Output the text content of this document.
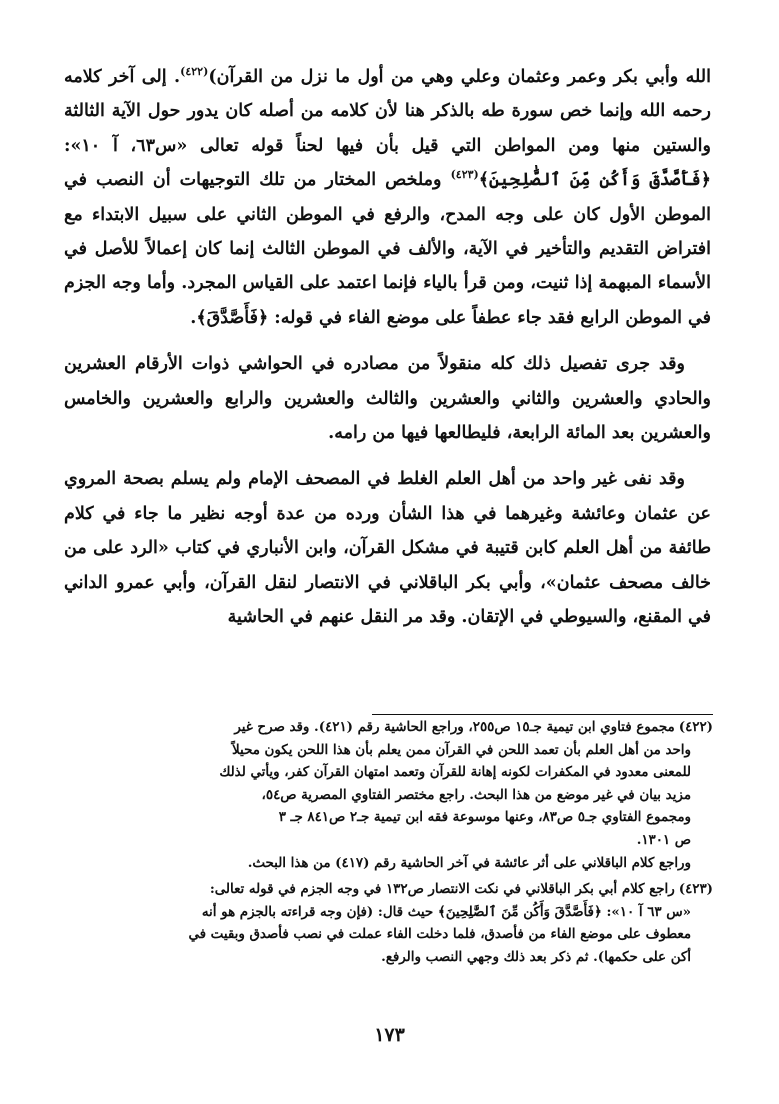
الله وأبي بكر وعمر وعثمان وعلي وهي من أول ما نزل من القرآن)$^{(٤٢٢)}$. إلى آخر كلامه رحمه الله وإنما خص سورة طه بالذكر هنا لأن كلامه من أصله كان يدور حول الآية الثالثة والستين منها ومن المواطن التي قيل بأن فيها لحناً قوله تعالى «س٦٣، آ ١٠»: ﴿فَأَصَّدَّقَ وَأَكُن مِّنَ ٱلصَّٰلِحِينَ﴾$^{(٤٢٣)}$ وملخص المختار من تلك التوجيهات أن النصب في الموطن الأول كان على وجه المدح، والرفع في الموطن الثاني على سبيل الابتداء مع افتراض التقديم والتأخير في الآية، والألف في الموطن الثالث إنما كان إعمالاً للأصل في الأسماء المبهمة إذا ثنيت، ومن قرأ بالياء فإنما اعتمد على القياس المجرد. وأما وجه الجزم في الموطن الرابع فقد جاء عطفاً على موضع الفاء في قوله: ﴿فَأَصَّدَّقَ﴾.

وقد جرى تفصيل ذلك كله منقولاً من مصادره في الحواشي ذوات الأرقام العشرين والحادي والعشرين والثاني والعشرين والثالث والعشرين والرابع والعشرين والخامس والعشرين بعد المائة الرابعة، فليطالعها فيها من رامه.

وقد نفى غير واحد من أهل العلم الغلط في المصحف الإمام ولم يسلم بصحة المروي عن عثمان وعائشة وغيرهما في هذا الشأن ورده من عدة أوجه نظير ما جاء في كلام طائفة من أهل العلم كابن قتيبة في مشكل القرآن، وابن الأنباري في كتاب «الرد على من خالف مصحف عثمان»، وأبي بكر الباقلاني في الانتصار لنقل القرآن، وأبي عمرو الداني في المقنع، والسيوطي في الإتقان. وقد مر النقل عنهم في الحاشية

(٤٢٢)مجموع فتاوي ابن تيمية جـ١٥ ص٢٥٥، وراجع الحاشية رقم (٤٢١). وقد صرح غير
واحد من أهل العلم بأن تعمد اللحن في القرآن ممن يعلم بأن هذا اللحن يكون محيلاً
للمعنى معدود في المكفرات لكونه إهانة للقرآن وتعمد امتهان القرآن كفر، ويأتي لذلك
مزيد بيان في غير موضع من هذا البحث. راجع مختصر الفتاوي المصرية ص٥٤،
ومجموع الفتاوي جـ٥ ص٨٣، وعنها موسوعة فقه ابن تيمية جـ٢ ص٨٤١ جـ ٣
ص ١٣٠١.
وراجع كلام الباقلاني على أثر عائشة في آخر الحاشية رقم (٤١٧) من هذا البحث.
(٤٢٣)راجع كلام أبي بكر الباقلاني في نكت الانتصار ص١٣٢ في وجه الجزم في قوله تعالى:
«س ٦٣ آ ١٠»: ﴿فَأَصَّدَّقَ وَأَكُن مِّنَ ٱلصَّٰلِحِينَ﴾ حيث قال: (فإن وجه قراءته بالجزم هو أنه
معطوف على موضع الفاء من فأصدق، فلما دخلت الفاء عملت في نصب فأصدق وبقيت في
أكن على حكمها). ثم ذكر بعد ذلك وجهي النصب والرفع.
١٧٣
